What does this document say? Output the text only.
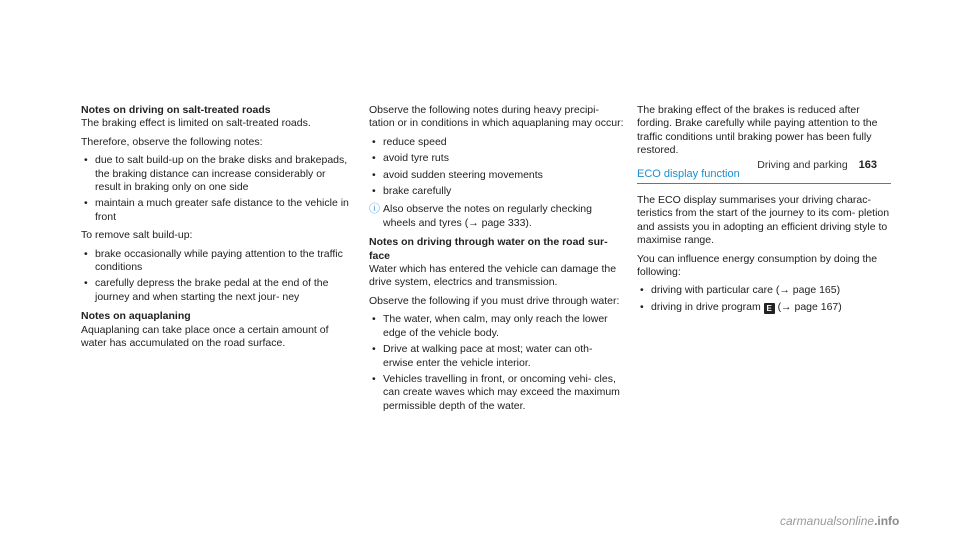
Driving and parking 163
Notes on driving on salt-treated roads

The braking effect is limited on salt-treated roads.

Therefore, observe the following notes:

• due to salt build-up on the brake disks and brakepads, the braking distance can increase considerably or result in braking only on one side
• maintain a much greater safe distance to the vehicle in front

To remove salt build-up:

• brake occasionally while paying attention to the traffic conditions
• carefully depress the brake pedal at the end of the journey and when starting the next jour- ney
Notes on aquaplaning

Aquaplaning can take place once a certain amount of water has accumulated on the road surface.

Observe the following notes during heavy precipi- tation or in conditions in which aquaplaning may occur:

• reduce speed
• avoid tyre ruts
• avoid sudden steering movements
• brake carefully
ⓘ Also observe the notes on regularly checking wheels and tyres (→ page 333).
Notes on driving through water on the road sur- face

Water which has entered the vehicle can damage the drive system, electrics and transmission.

Observe the following if you must drive through water:

• The water, when calm, may only reach the lower edge of the vehicle body.
• Drive at walking pace at most; water can oth- erwise enter the vehicle interior.
• Vehicles travelling in front, or oncoming vehi- cles, can create waves which may exceed the maximum permissible depth of the water.

The braking effect of the brakes is reduced after fording. Brake carefully while paying attention to the traffic conditions until braking power has been fully restored.

ECO display function

The ECO display summarises your driving charac- teristics from the start of the journey to its com- pletion and assists you in adopting an efficient driving style to maximise range.

You can influence energy consumption by doing the following:

• driving with particular care (→ page 165)
• driving in drive program E (→ page 167)
carmanualsonline.info
